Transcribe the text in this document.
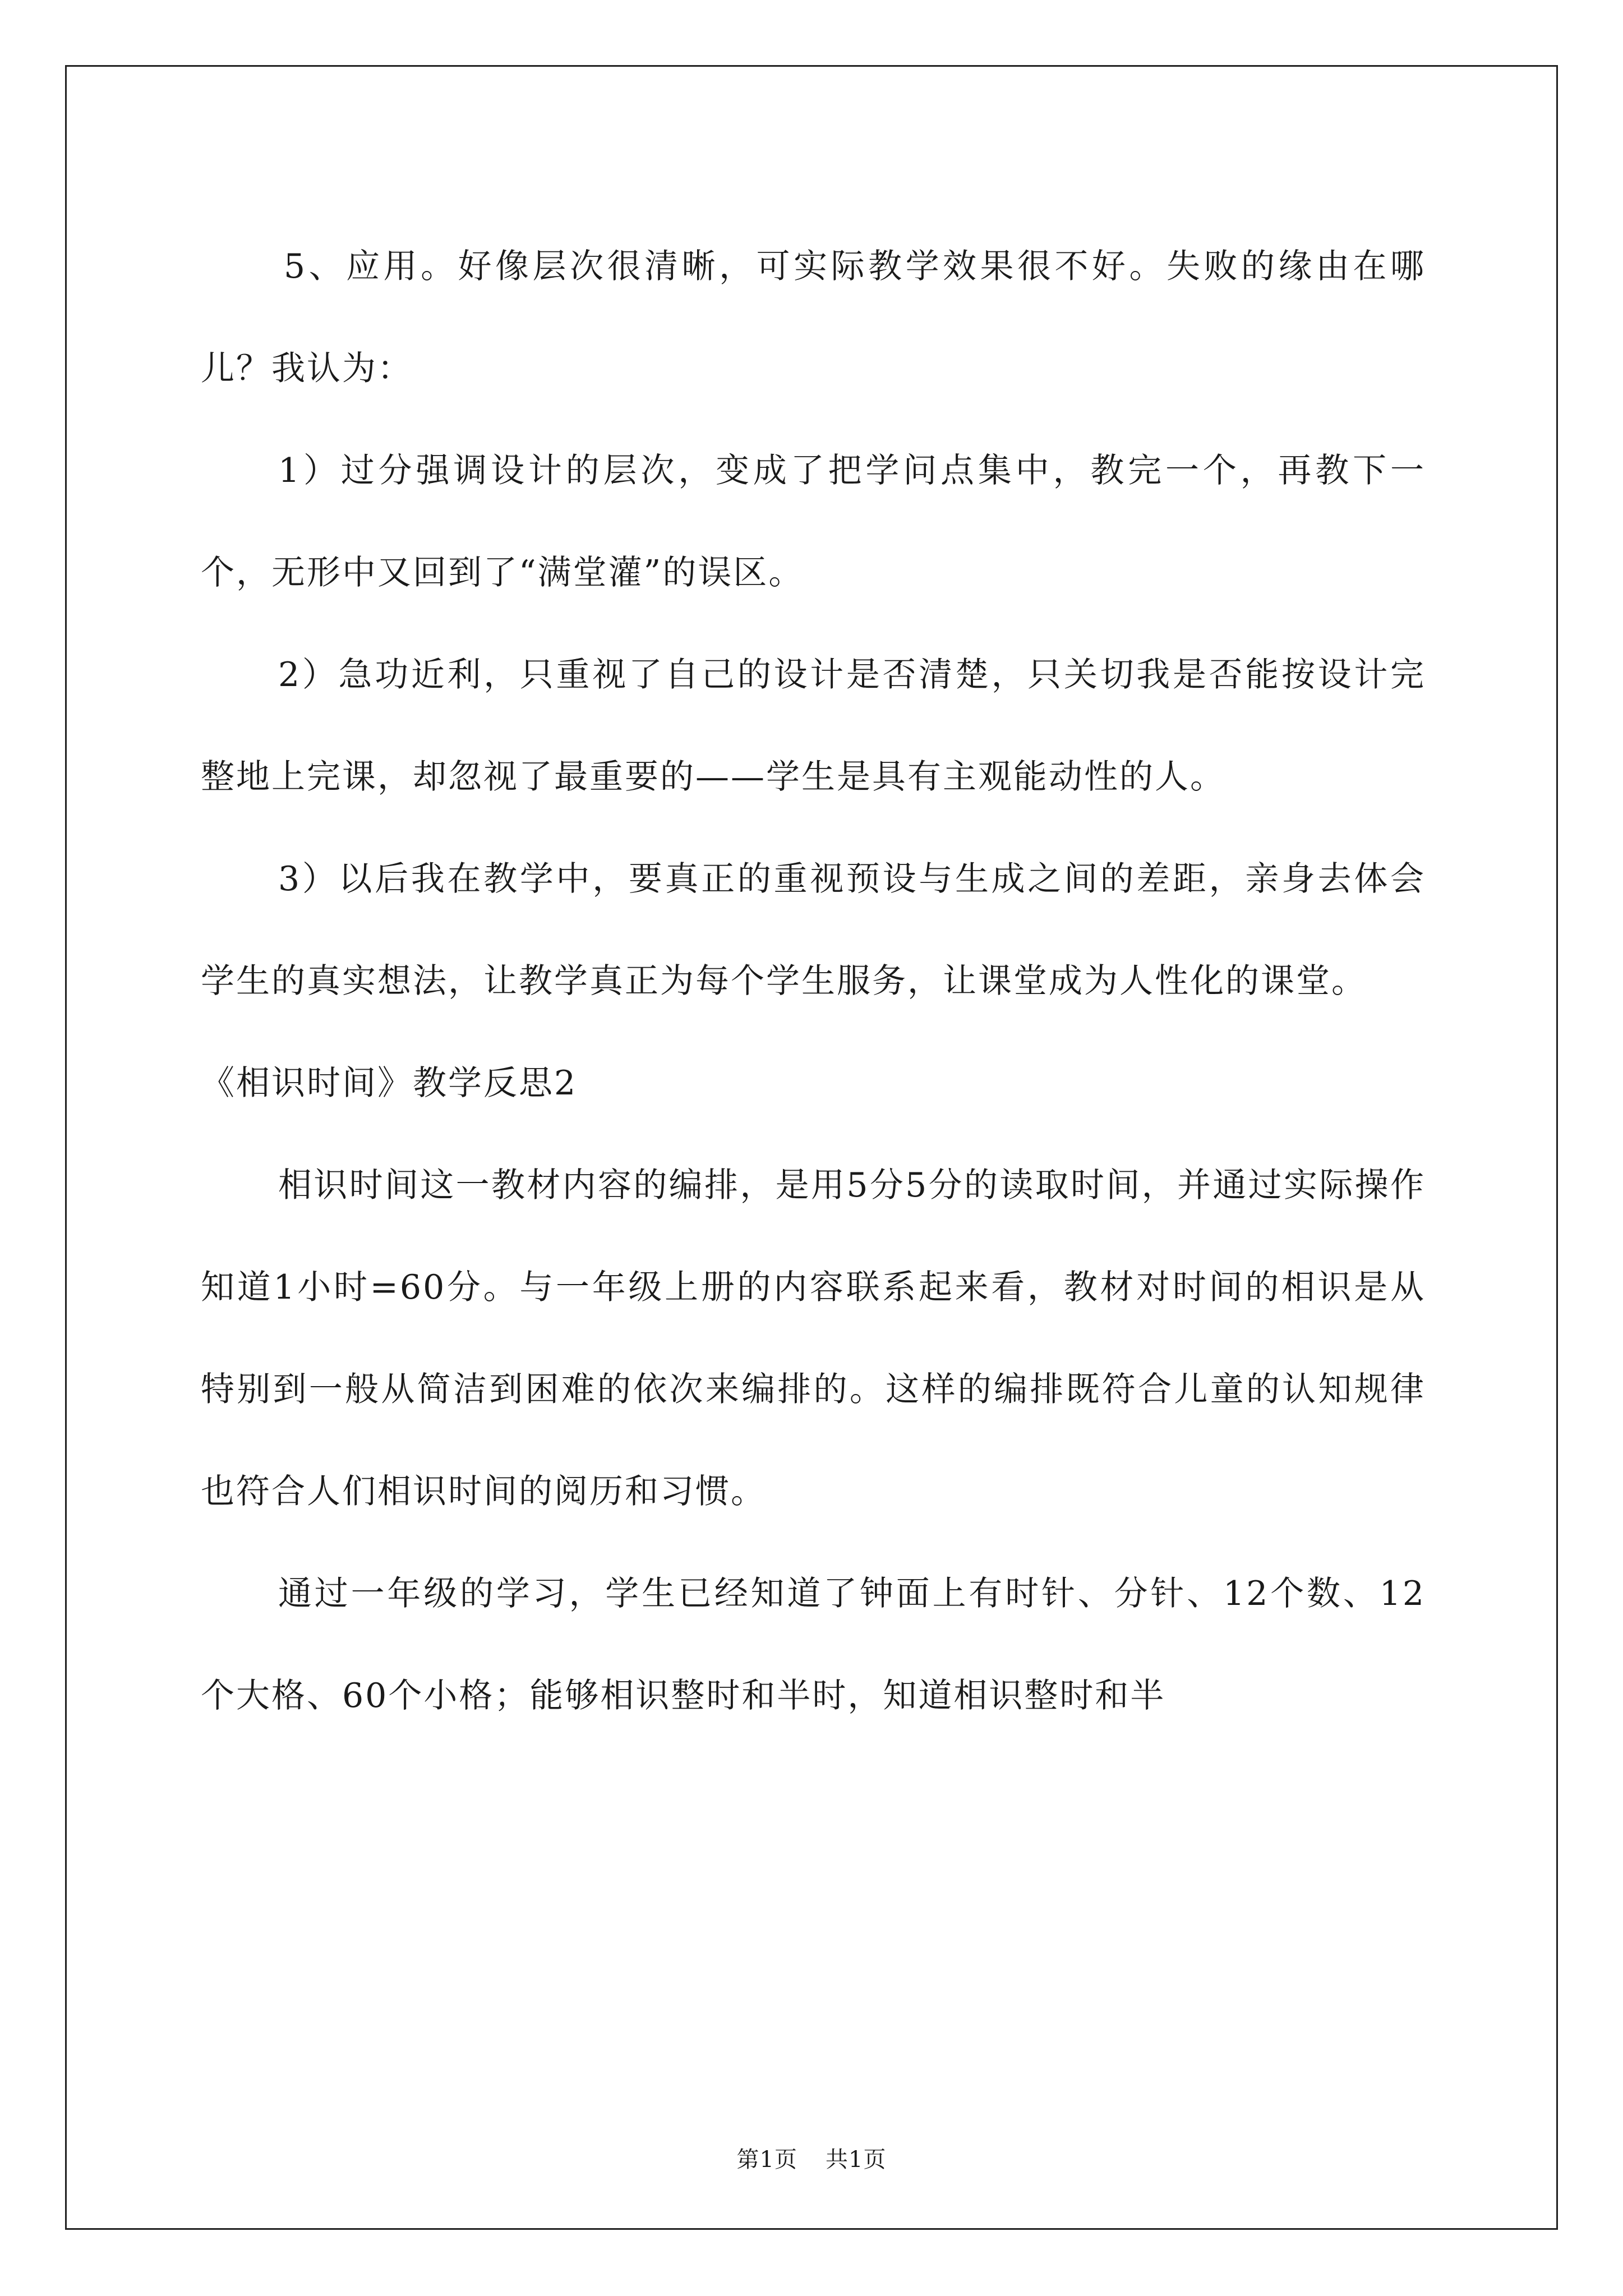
5、应用。好像层次很清晰，可实际教学效果很不好。失败的缘由在哪儿？我认为：

1）过分强调设计的层次，变成了把学问点集中，教完一个，再教下一个，无形中又回到了“满堂灌”的误区。

2）急功近利，只重视了自己的设计是否清楚，只关切我是否能按设计完整地上完课，却忽视了最重要的——学生是具有主观能动性的人。

3）以后我在教学中，要真正的重视预设与生成之间的差距，亲身去体会学生的真实想法，让教学真正为每个学生服务，让课堂成为人性化的课堂。

《相识时间》教学反思2

相识时间这一教材内容的编排，是用5分5分的读取时间，并通过实际操作知道1小时=60分。与一年级上册的内容联系起来看，教材对时间的相识是从特别到一般从简洁到困难的依次来编排的。这样的编排既符合儿童的认知规律也符合人们相识时间的阅历和习惯。

通过一年级的学习，学生已经知道了钟面上有时针、分针、12个数、12个大格、60个小格；能够相识整时和半时，知道相识整时和半

第1页 共1页
